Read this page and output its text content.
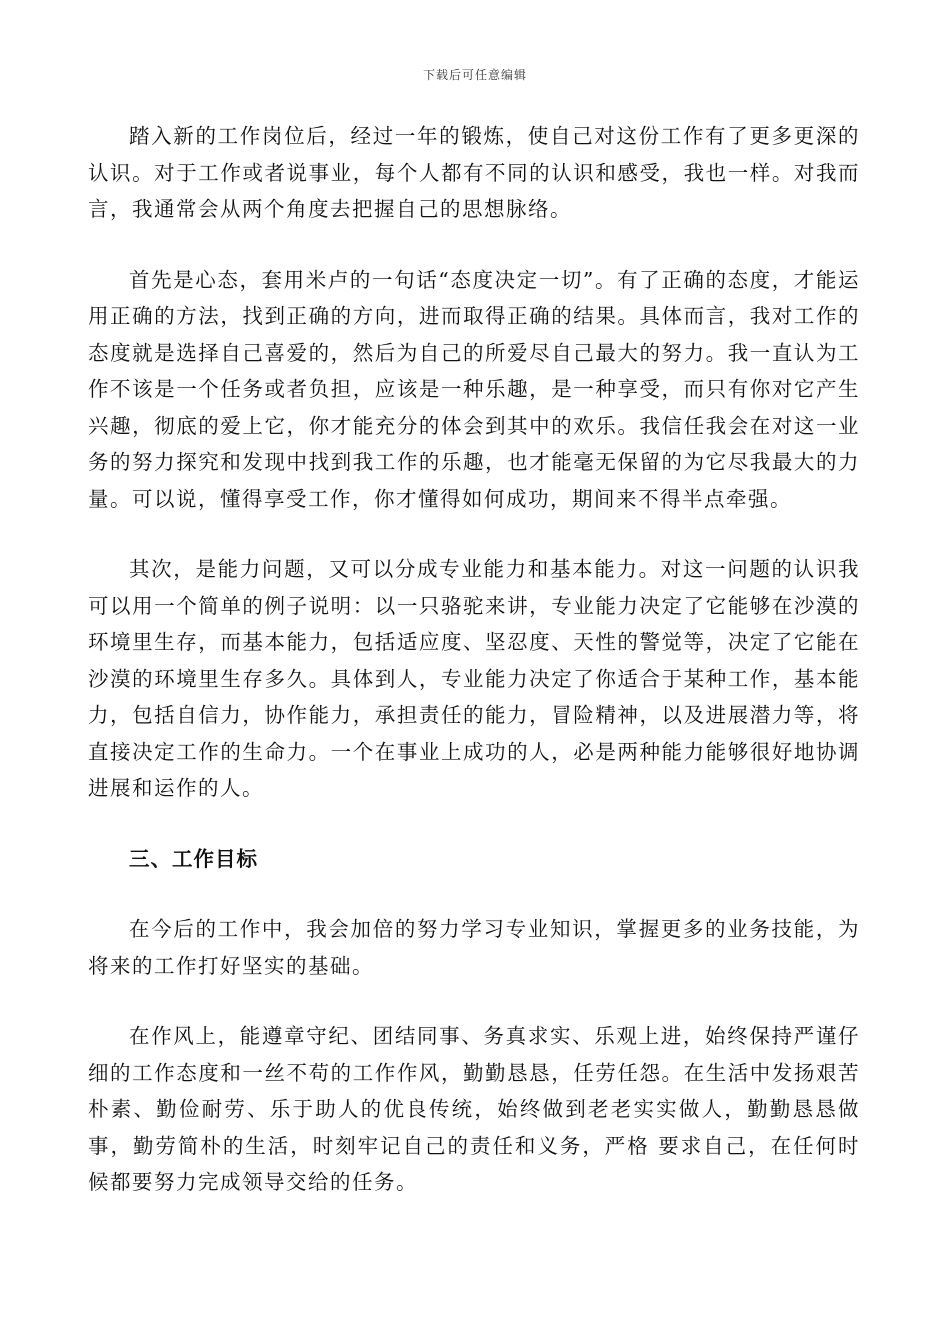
下载后可任意编辑

踏入新的工作岗位后，经过一年的锻炼，使自己对这份工作有了更多更深的认识。对于工作或者说事业，每个人都有不同的认识和感受，我也一样。对我而言，我通常会从两个角度去把握自己的思想脉络。

首先是心态，套用米卢的一句话“态度决定一切”。有了正确的态度，才能运用正确的方法，找到正确的方向，进而取得正确的结果。具体而言，我对工作的态度就是选择自己喜爱的，然后为自己的所爱尽自己最大的努力。我一直认为工作不该是一个任务或者负担，应该是一种乐趣，是一种享受，而只有你对它产生兴趣，彻底的爱上它，你才能充分的体会到其中的欢乐。我信任我会在对这一业务的努力探究和发现中找到我工作的乐趣，也才能毫无保留的为它尽我最大的力量。可以说，懂得享受工作，你才懂得如何成功，期间来不得半点牵强。

其次，是能力问题，又可以分成专业能力和基本能力。对这一问题的认识我可以用一个简单的例子说明：以一只骆驼来讲，专业能力决定了它能够在沙漠的环境里生存，而基本能力，包括适应度、坚忍度、天性的警觉等，决定了它能在沙漠的环境里生存多久。具体到人，专业能力决定了你适合于某种工作，基本能力，包括自信力，协作能力，承担责任的能力，冒险精神，以及进展潜力等，将直接决定工作的生命力。一个在事业上成功的人，必是两种能力能够很好地协调进展和运作的人。

三、工作目标

在今后的工作中，我会加倍的努力学习专业知识，掌握更多的业务技能，为将来的工作打好坚实的基础。

在作风上，能遵章守纪、团结同事、务真求实、乐观上进，始终保持严谨仔细的工作态度和一丝不苟的工作作风，勤勤恳恳，任劳任怨。在生活中发扬艰苦朴素、勤俭耐劳、乐于助人的优良传统，始终做到老老实实做人，勤勤恳恳做事，勤劳简朴的生活，时刻牢记自己的责任和义务，严格 要求自己，在任何时候都要努力完成领导交给的任务。
